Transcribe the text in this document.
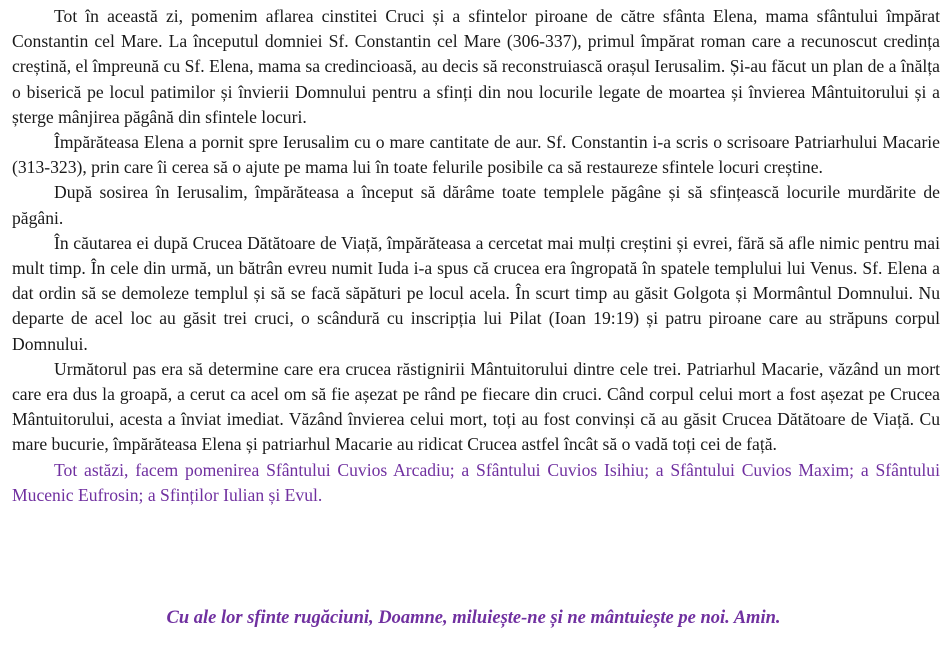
Tot în această zi, pomenim aflarea cinstitei Cruci și a sfintelor piroane de către sfânta Elena, mama sfântului împărat Constantin cel Mare. La începutul domniei Sf. Constantin cel Mare (306-337), primul împărat roman care a recunoscut credința creștină, el împreună cu Sf. Elena, mama sa credincioasă, au decis să reconstruiască orașul Ierusalim. Și-au făcut un plan de a înălța o biserică pe locul patimilor și învierii Domnului pentru a sfinți din nou locurile legate de moartea și învierea Mântuitorului și a șterge mânjirea păgână din sfintele locuri.

Împărăteasa Elena a pornit spre Ierusalim cu o mare cantitate de aur. Sf. Constantin i-a scris o scrisoare Patriarhului Macarie (313-323), prin care îi cerea să o ajute pe mama lui în toate felurile posibile ca să restaureze sfintele locuri creștine.

După sosirea în Ierusalim, împărăteasa a început să dărâme toate templele păgâne și să sfințească locurile murdărite de păgâni.

În căutarea ei după Crucea Dătătoare de Viață, împărăteasa a cercetat mai mulți creștini și evrei, fără să afle nimic pentru mai mult timp. În cele din urmă, un bătrân evreu numit Iuda i-a spus că crucea era îngropată în spatele templului lui Venus. Sf. Elena a dat ordin să se demoleze templul și să se facă săpături pe locul acela. În scurt timp au găsit Golgota și Mormântul Domnului. Nu departe de acel loc au găsit trei cruci, o scândură cu inscripția lui Pilat (Ioan 19:19) și patru piroane care au străpuns corpul Domnului.

Următorul pas era să determine care era crucea răstignirii Mântuitorului dintre cele trei. Patriarhul Macarie, văzând un mort care era dus la groapă, a cerut ca acel om să fie așezat pe rând pe fiecare din cruci. Când corpul celui mort a fost așezat pe Crucea Mântuitorului, acesta a înviat imediat. Văzând învierea celui mort, toți au fost convinși că au găsit Crucea Dătătoare de Viață. Cu mare bucurie, împărăteasa Elena și patriarhul Macarie au ridicat Crucea astfel încât să o vadă toți cei de față.

Tot astăzi, facem pomenirea Sfântului Cuvios Arcadiu; a Sfântului Cuvios Isihiu; a Sfântului Cuvios Maxim; a Sfântului Mucenic Eufrosin; a Sfinților Iulian și Evul.

Cu ale lor sfinte rugăciuni, Doamne, miluiește-ne și ne mântuiește pe noi. Amin.
